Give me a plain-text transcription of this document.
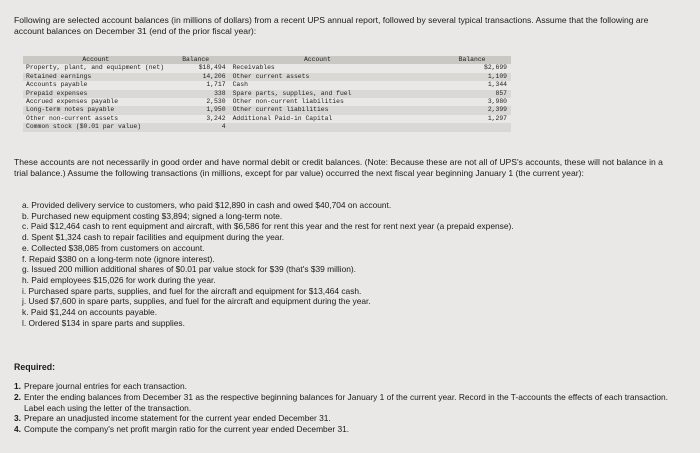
Following are selected account balances (in millions of dollars) from a recent UPS annual report, followed by several typical transactions. Assume that the following are account balances on December 31 (end of the prior fiscal year):
Account	Balance	Account	Balance
Property, plant, and equipment (net)	$18,494	Receivables	$2,699
Retained earnings	14,206	Other current assets	1,109
Accounts payable	1,717	Cash	1,344
Prepaid expenses	338	Spare parts, supplies, and fuel	857
Accrued expenses payable	2,530	Other non-current liabilities	3,980
Long-term notes payable	1,950	Other current liabilities	2,399
Other non-current assets	3,242	Additional Paid-in Capital	1,297
Common stock ($0.01 par value)	4
These accounts are not necessarily in good order and have normal debit or credit balances. (Note: Because these are not all of UPS's accounts, these will not balance in a trial balance.) Assume the following transactions (in millions, except for par value) occurred the next fiscal year beginning January 1 (the current year):
a. Provided delivery service to customers, who paid $12,890 in cash and owed $40,704 on account.
b. Purchased new equipment costing $3,894; signed a long-term note.
c. Paid $12,464 cash to rent equipment and aircraft, with $6,586 for rent this year and the rest for rent next year (a prepaid expense).
d. Spent $1,324 cash to repair facilities and equipment during the year.
e. Collected $38,085 from customers on account.
f. Repaid $380 on a long-term note (ignore interest).
g. Issued 200 million additional shares of $0.01 par value stock for $39 (that's $39 million).
h. Paid employees $15,026 for work during the year.
i. Purchased spare parts, supplies, and fuel for the aircraft and equipment for $13,464 cash.
j. Used $7,600 in spare parts, supplies, and fuel for the aircraft and equipment during the year.
k. Paid $1,244 on accounts payable.
l. Ordered $134 in spare parts and supplies.
Required:
1. Prepare journal entries for each transaction.
2. Enter the ending balances from December 31 as the respective beginning balances for January 1 of the current year. Record in the T-accounts the effects of each transaction. Label each using the letter of the transaction.
3. Prepare an unadjusted income statement for the current year ended December 31.
4. Compute the company's net profit margin ratio for the current year ended December 31.
